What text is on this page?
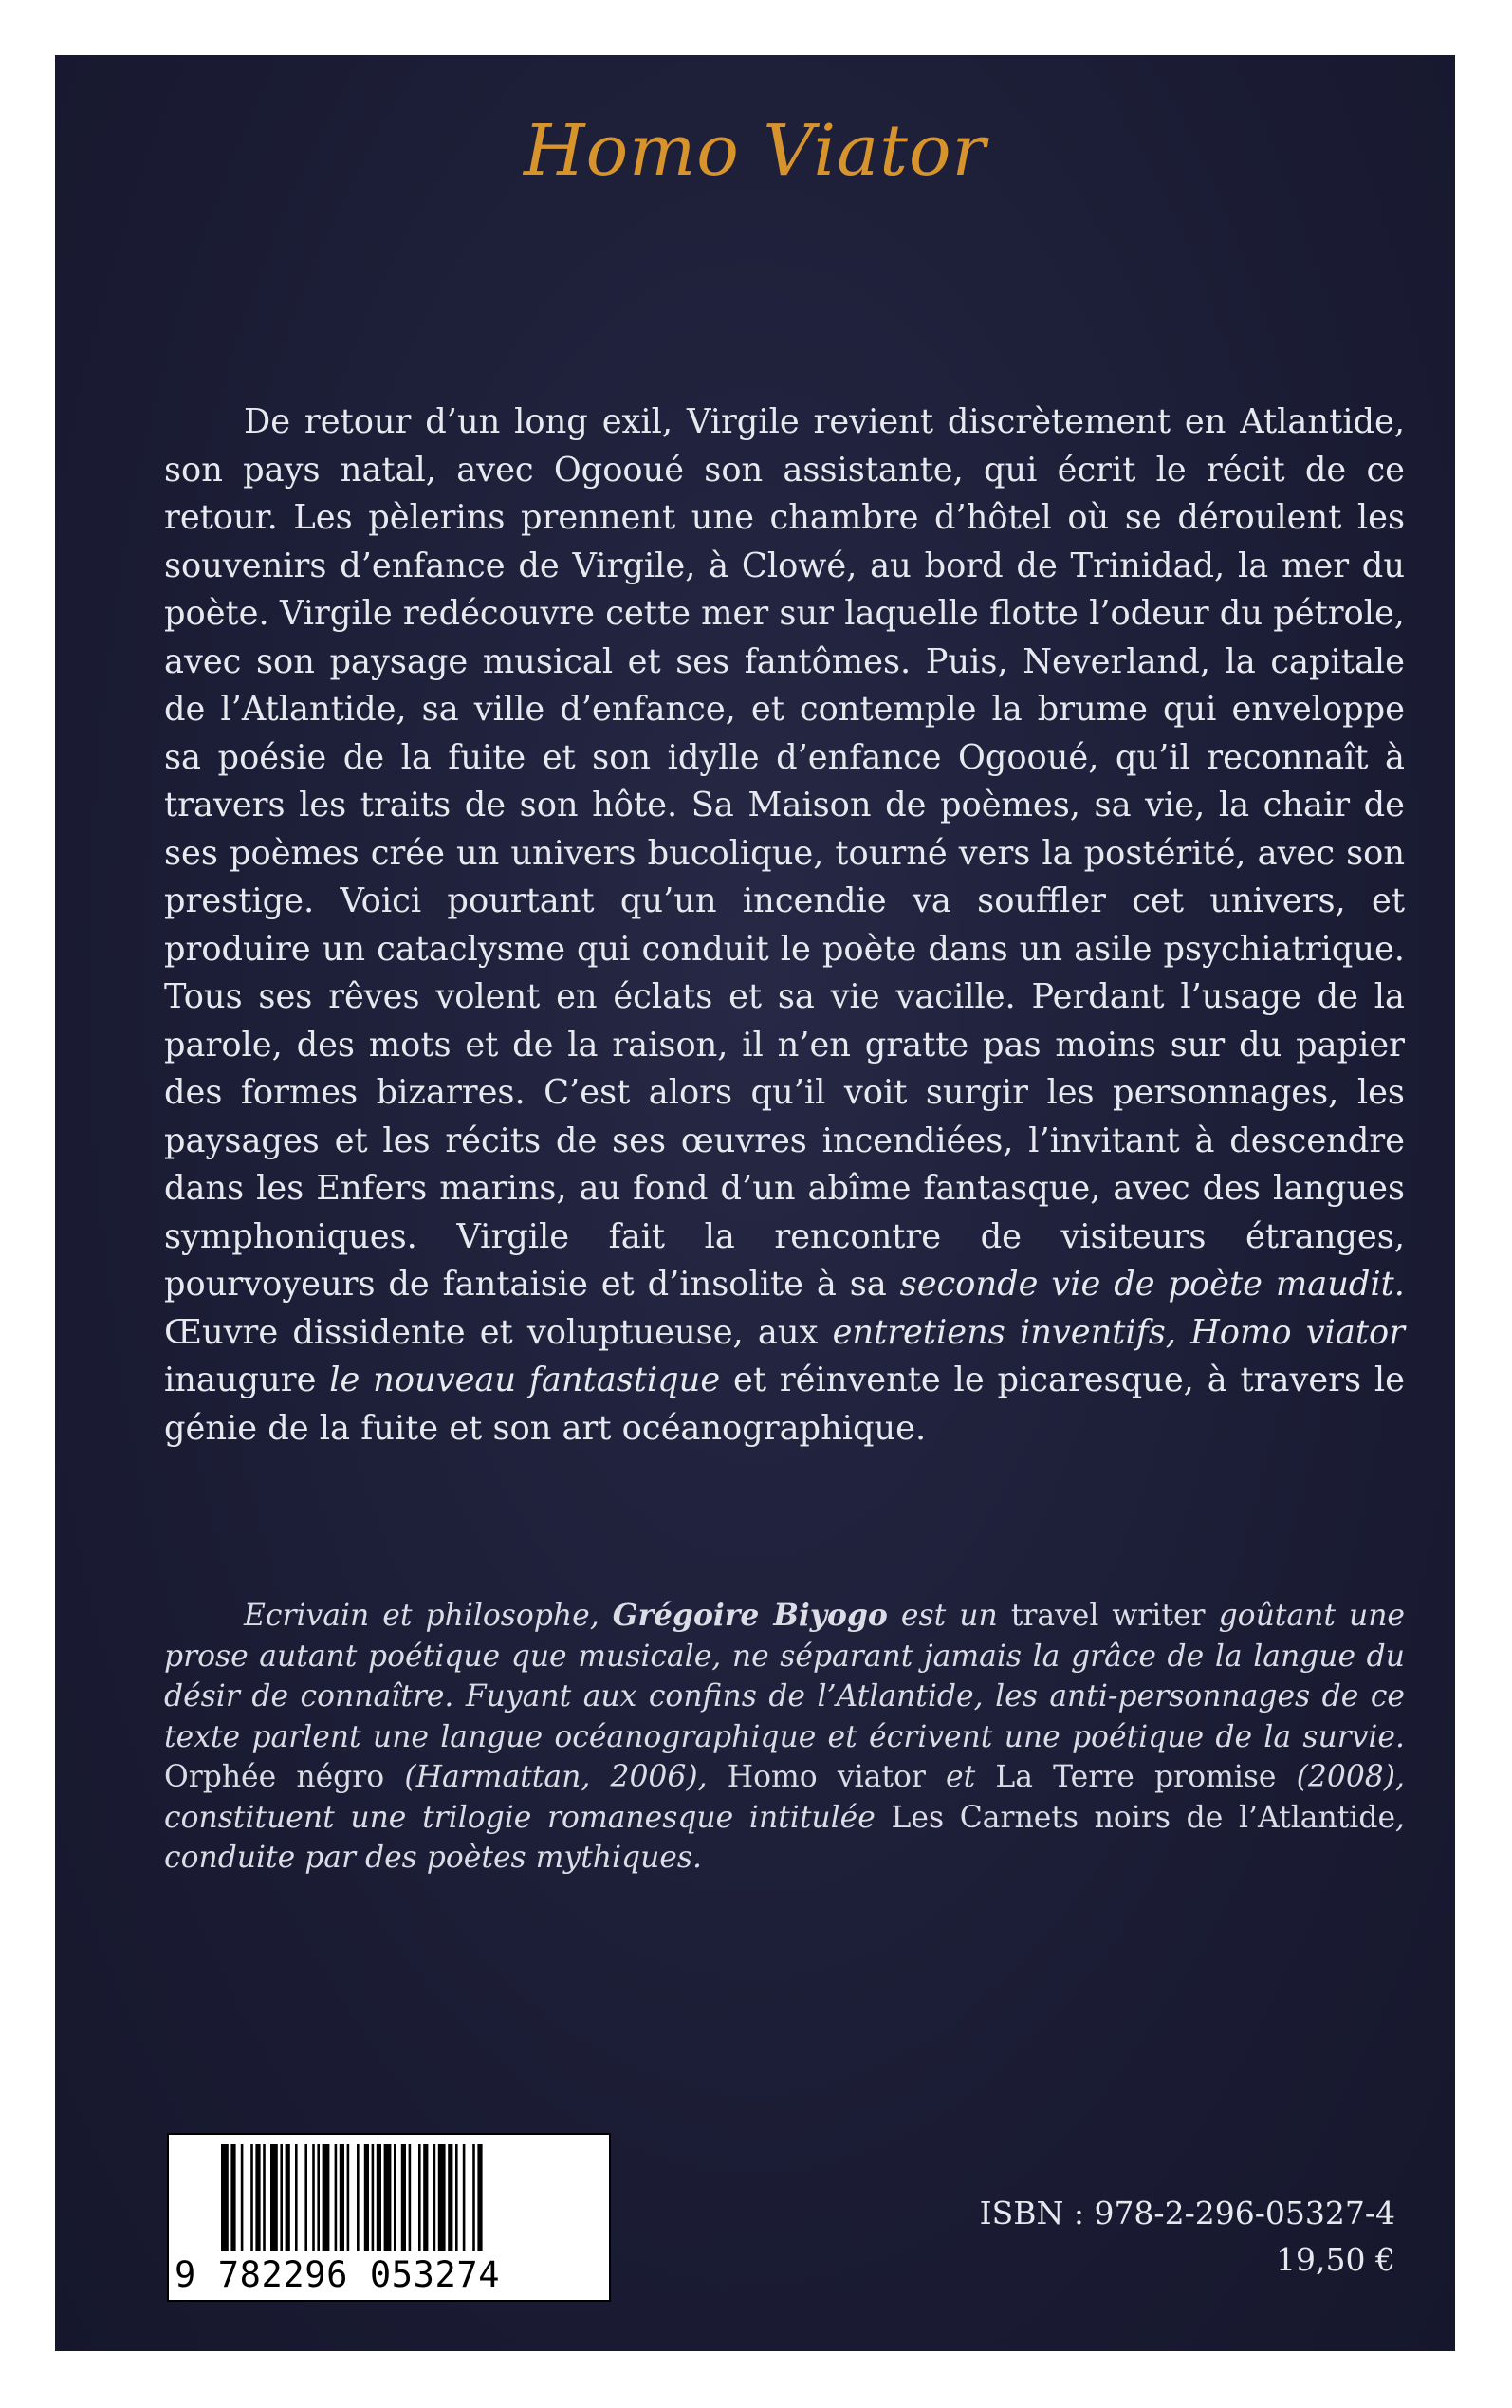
Homo Viator

De retour d’un long exil, Virgile revient discrètement en Atlantide, son pays natal, avec Ogooué son assistante, qui écrit le récit de ce retour. Les pèlerins prennent une chambre d’hôtel où se déroulent les souvenirs d’enfance de Virgile, à Clowé, au bord de Trinidad, la mer du poète. Virgile redécouvre cette mer sur laquelle flotte l’odeur du pétrole, avec son paysage musical et ses fantômes. Puis, Neverland, la capitale de l’Atlantide, sa ville d’enfance, et contemple la brume qui enveloppe sa poésie de la fuite et son idylle d’enfance Ogooué, qu’il reconnaît à travers les traits de son hôte. Sa Maison de poèmes, sa vie, la chair de ses poèmes crée un univers bucolique, tourné vers la postérité, avec son prestige. Voici pourtant qu’un incendie va souffler cet univers, et produire un cataclysme qui conduit le poète dans un asile psychiatrique. Tous ses rêves volent en éclats et sa vie vacille. Perdant l’usage de la parole, des mots et de la raison, il n’en gratte pas moins sur du papier des formes bizarres. C’est alors qu’il voit surgir les personnages, les paysages et les récits de ses œuvres incendiées, l’invitant à descendre dans les Enfers marins, au fond d’un abîme fantasque, avec des langues symphoniques. Virgile fait la rencontre de visiteurs étranges, pourvoyeurs de fantaisie et d’insolite à sa seconde vie de poète maudit. Œuvre dissidente et voluptueuse, aux entretiens inventifs, Homo viator inaugure le nouveau fantastique et réinvente le picaresque, à travers le génie de la fuite et son art océanographique.

Ecrivain et philosophe, Grégoire Biyogo est un travel writer goûtant une prose autant poétique que musicale, ne séparant jamais la grâce de la langue du désir de connaître. Fuyant aux confins de l’Atlantide, les anti-personnages de ce texte parlent une langue océanographique et écrivent une poétique de la survie. Orphée négro (Harmattan, 2006), Homo viator et La Terre promise (2008), constituent une trilogie romanesque intitulée Les Carnets noirs de l’Atlantide, conduite par des poètes mythiques.

9 782296 053274
ISBN : 978-2-296-05327-4
19,50 €
